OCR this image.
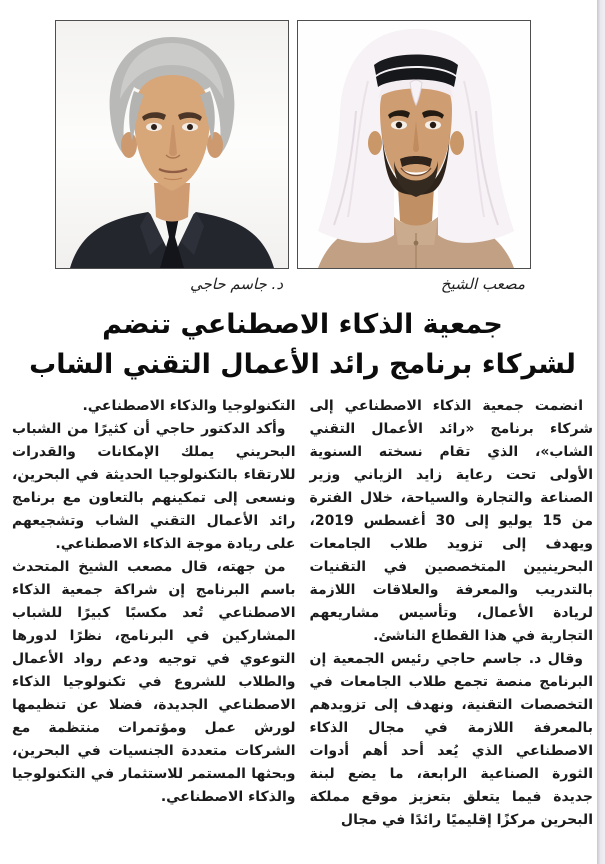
د. جاسم حاجي	مصعب الشيخ
جمعية الذكاء الاصطناعي تنضم
لشركاء برنامج رائد الأعمال التقني الشاب

انضمت جمعية الذكاء الاصطناعي إلى شركاء برنامج «رائد الأعمال التقني الشاب»، الذي تقام نسخته السنوية الأولى تحت رعاية زايد الزياني وزير الصناعة والتجارة والسياحة، خلال الفترة من 15 يوليو إلى 30 أغسطس 2019، ويهدف إلى تزويد طلاب الجامعات البحرينيين المتخصصين في التقنيات بالتدريب والمعرفة والعلاقات اللازمة لريادة الأعمال، وتأسيس مشاريعهم التجارية في هذا القطاع الناشئ.

وقال د. جاسم حاجي رئيس الجمعية إن البرنامج منصة تجمع طلاب الجامعات في التخصصات التقنية، ونهدف إلى تزويدهم بالمعرفة اللازمة في مجال الذكاء الاصطناعي الذي يُعد أحد أهم أدوات الثورة الصناعية الرابعة، ما يضع لبنة جديدة فيما يتعلق بتعزيز موقع مملكة البحرين مركزًا إقليميًا رائدًا في مجال

التكنولوجيا والذكاء الاصطناعي.

وأكد الدكتور حاجي أن كثيرًا من الشباب البحريني يملك الإمكانات والقدرات للارتقاء بالتكنولوجيا الحديثة في البحرين، ونسعى إلى تمكينهم بالتعاون مع برنامج رائد الأعمال التقني الشاب وتشجيعهم على ريادة موجة الذكاء الاصطناعي.

من جهته، قال مصعب الشيخ المتحدث باسم البرنامج إن شراكة جمعية الذكاء الاصطناعي تُعد مكسبًا كبيرًا للشباب المشاركين في البرنامج، نظرًا لدورها التوعوي في توجيه ودعم رواد الأعمال والطلاب للشروع في تكنولوجيا الذكاء الاصطناعي الجديدة، فضلا عن تنظيمها لورش عمل ومؤتمرات منتظمة مع الشركات متعددة الجنسيات في البحرين، وبحثها المستمر للاستثمار في التكنولوجيا والذكاء الاصطناعي.
